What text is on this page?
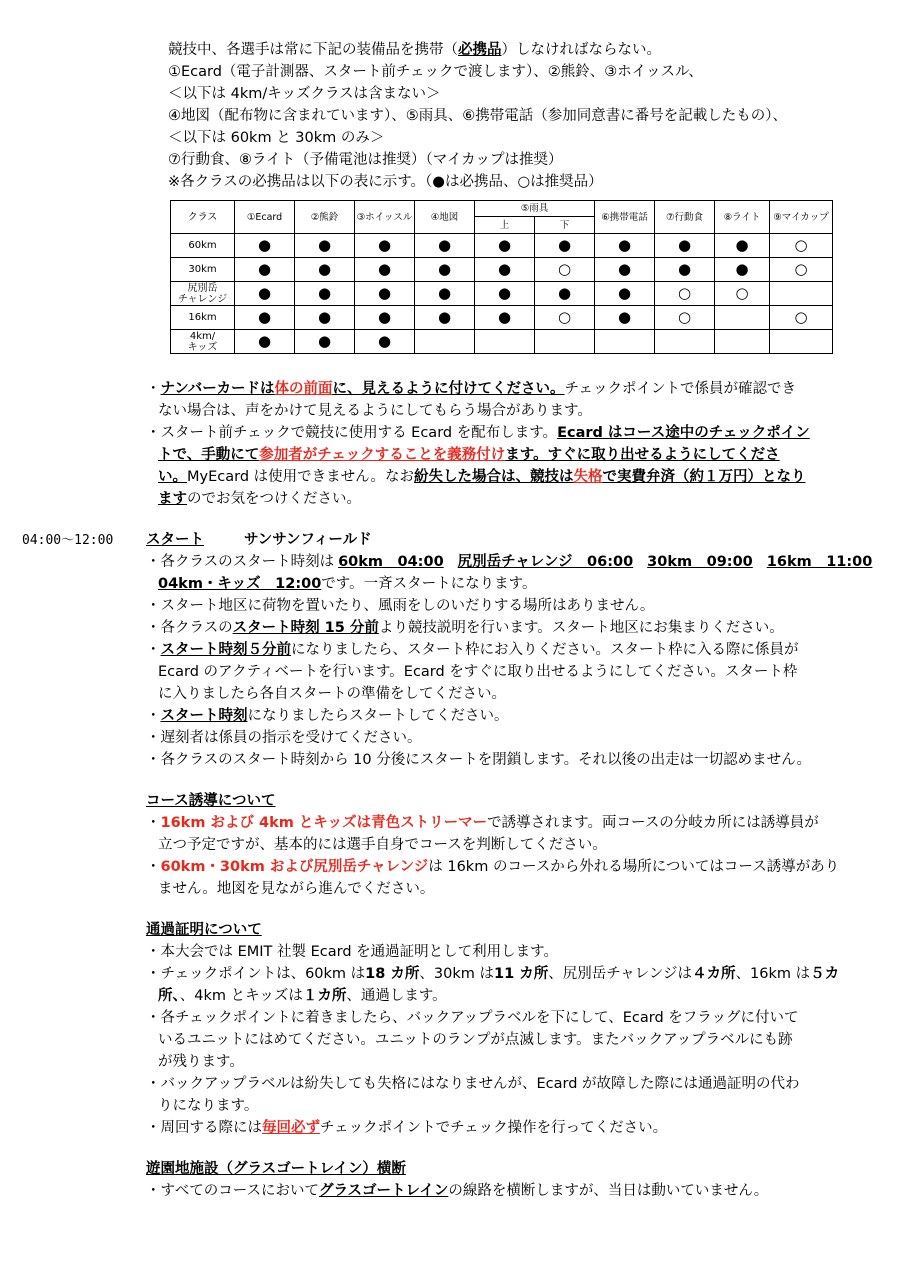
競技中、各選手は常に下記の装備品を携帯（必携品）しなければならない。
①Ecard（電子計測器、スタート前チェックで渡します）、②熊鈴、③ホイッスル、
＜以下は 4km/キッズクラスは含まない＞
④地図（配布物に含まれています）、⑤雨具、⑥携帯電話（参加同意書に番号を記載したもの）、
＜以下は 60km と 30km のみ＞
⑦行動食、⑧ライト（予備電池は推奨）（マイカップは推奨）
※各クラスの必携品は以下の表に示す。（●は必携品、○は推奨品）
クラス	①Ecard	②熊鈴	③ホイッスル	④地図	⑤雨具		⑥携帯電話	⑦行動食	⑧ライト	⑨マイカップ
					上	下				
60km	●	●	●	●	●	●	●	●	●	○
30km	●	●	●	●	●	○	●	●	●	○
尻別岳
チャレンジ	●	●	●	●	●	●	●	○	○	
16km	●	●	●	●	●	○	●	○		○
4km/
キッズ	●	●	●							
・ナンバーカードは体の前面に、見えるように付けてください。チェックポイントで係員が確認でき
ない場合は、声をかけて見えるようにしてもらう場合があります。
・スタート前チェックで競技に使用する Ecard を配布します。Ecard はコース途中のチェックポイン
トで、手動にて参加者がチェックすることを義務付けます。すぐに取り出せるようにしてくださ
い。MyEcard は使用できません。なお紛失した場合は、競技は失格で実費弁済（約１万円）となり
ますのでお気をつけください。
04:00〜12:00 スタート	サンサンフィールド
・各クラスのスタート時刻は 60km　04:00 尻別岳チャレンジ　06:00 30km　09:00 16km　11:00
04km・キッズ　12:00です。一斉スタートになります。
・スタート地区に荷物を置いたり、風雨をしのいだりする場所はありません。
・各クラスのスタート時刻 15 分前より競技説明を行います。スタート地区にお集まりください。
・スタート時刻５分前になりましたら、スタート枠にお入りください。スタート枠に入る際に係員が
Ecard のアクティベートを行います。Ecard をすぐに取り出せるようにしてください。スタート枠
に入りましたら各自スタートの準備をしてください。
・スタート時刻になりましたらスタートしてください。
・遅刻者は係員の指示を受けてください。
・各クラスのスタート時刻から 10 分後にスタートを閉鎖します。それ以後の出走は一切認めません。
コース誘導について
・16km および 4km とキッズは青色ストリーマーで誘導されます。両コースの分岐カ所には誘導員が
立つ予定ですが、基本的には選手自身でコースを判断してください。
・60km・30km および尻別岳チャレンジは 16km のコースから外れる場所についてはコース誘導があり
ません。地図を見ながら進んでください。
通過証明について
・本大会では EMIT 社製 Ecard を通過証明として利用します。
・チェックポイントは、60km は18 カ所、30km は11 カ所、尻別岳チャレンジは４カ所、16km は５カ
所、、4km とキッズは１カ所、通過します。
・各チェックポイントに着きましたら、バックアップラベルを下にして、Ecard をフラッグに付いて
いるユニットにはめてください。ユニットのランプが点滅します。またバックアップラベルにも跡
が残ります。
・バックアップラベルは紛失しても失格にはなりませんが、Ecard が故障した際には通過証明の代わ
りになります。
・周回する際には毎回必ずチェックポイントでチェック操作を行ってください。
遊園地施設（グラスゴートレイン）横断
・すべてのコースにおいてグラスゴートレインの線路を横断しますが、当日は動いていません。
